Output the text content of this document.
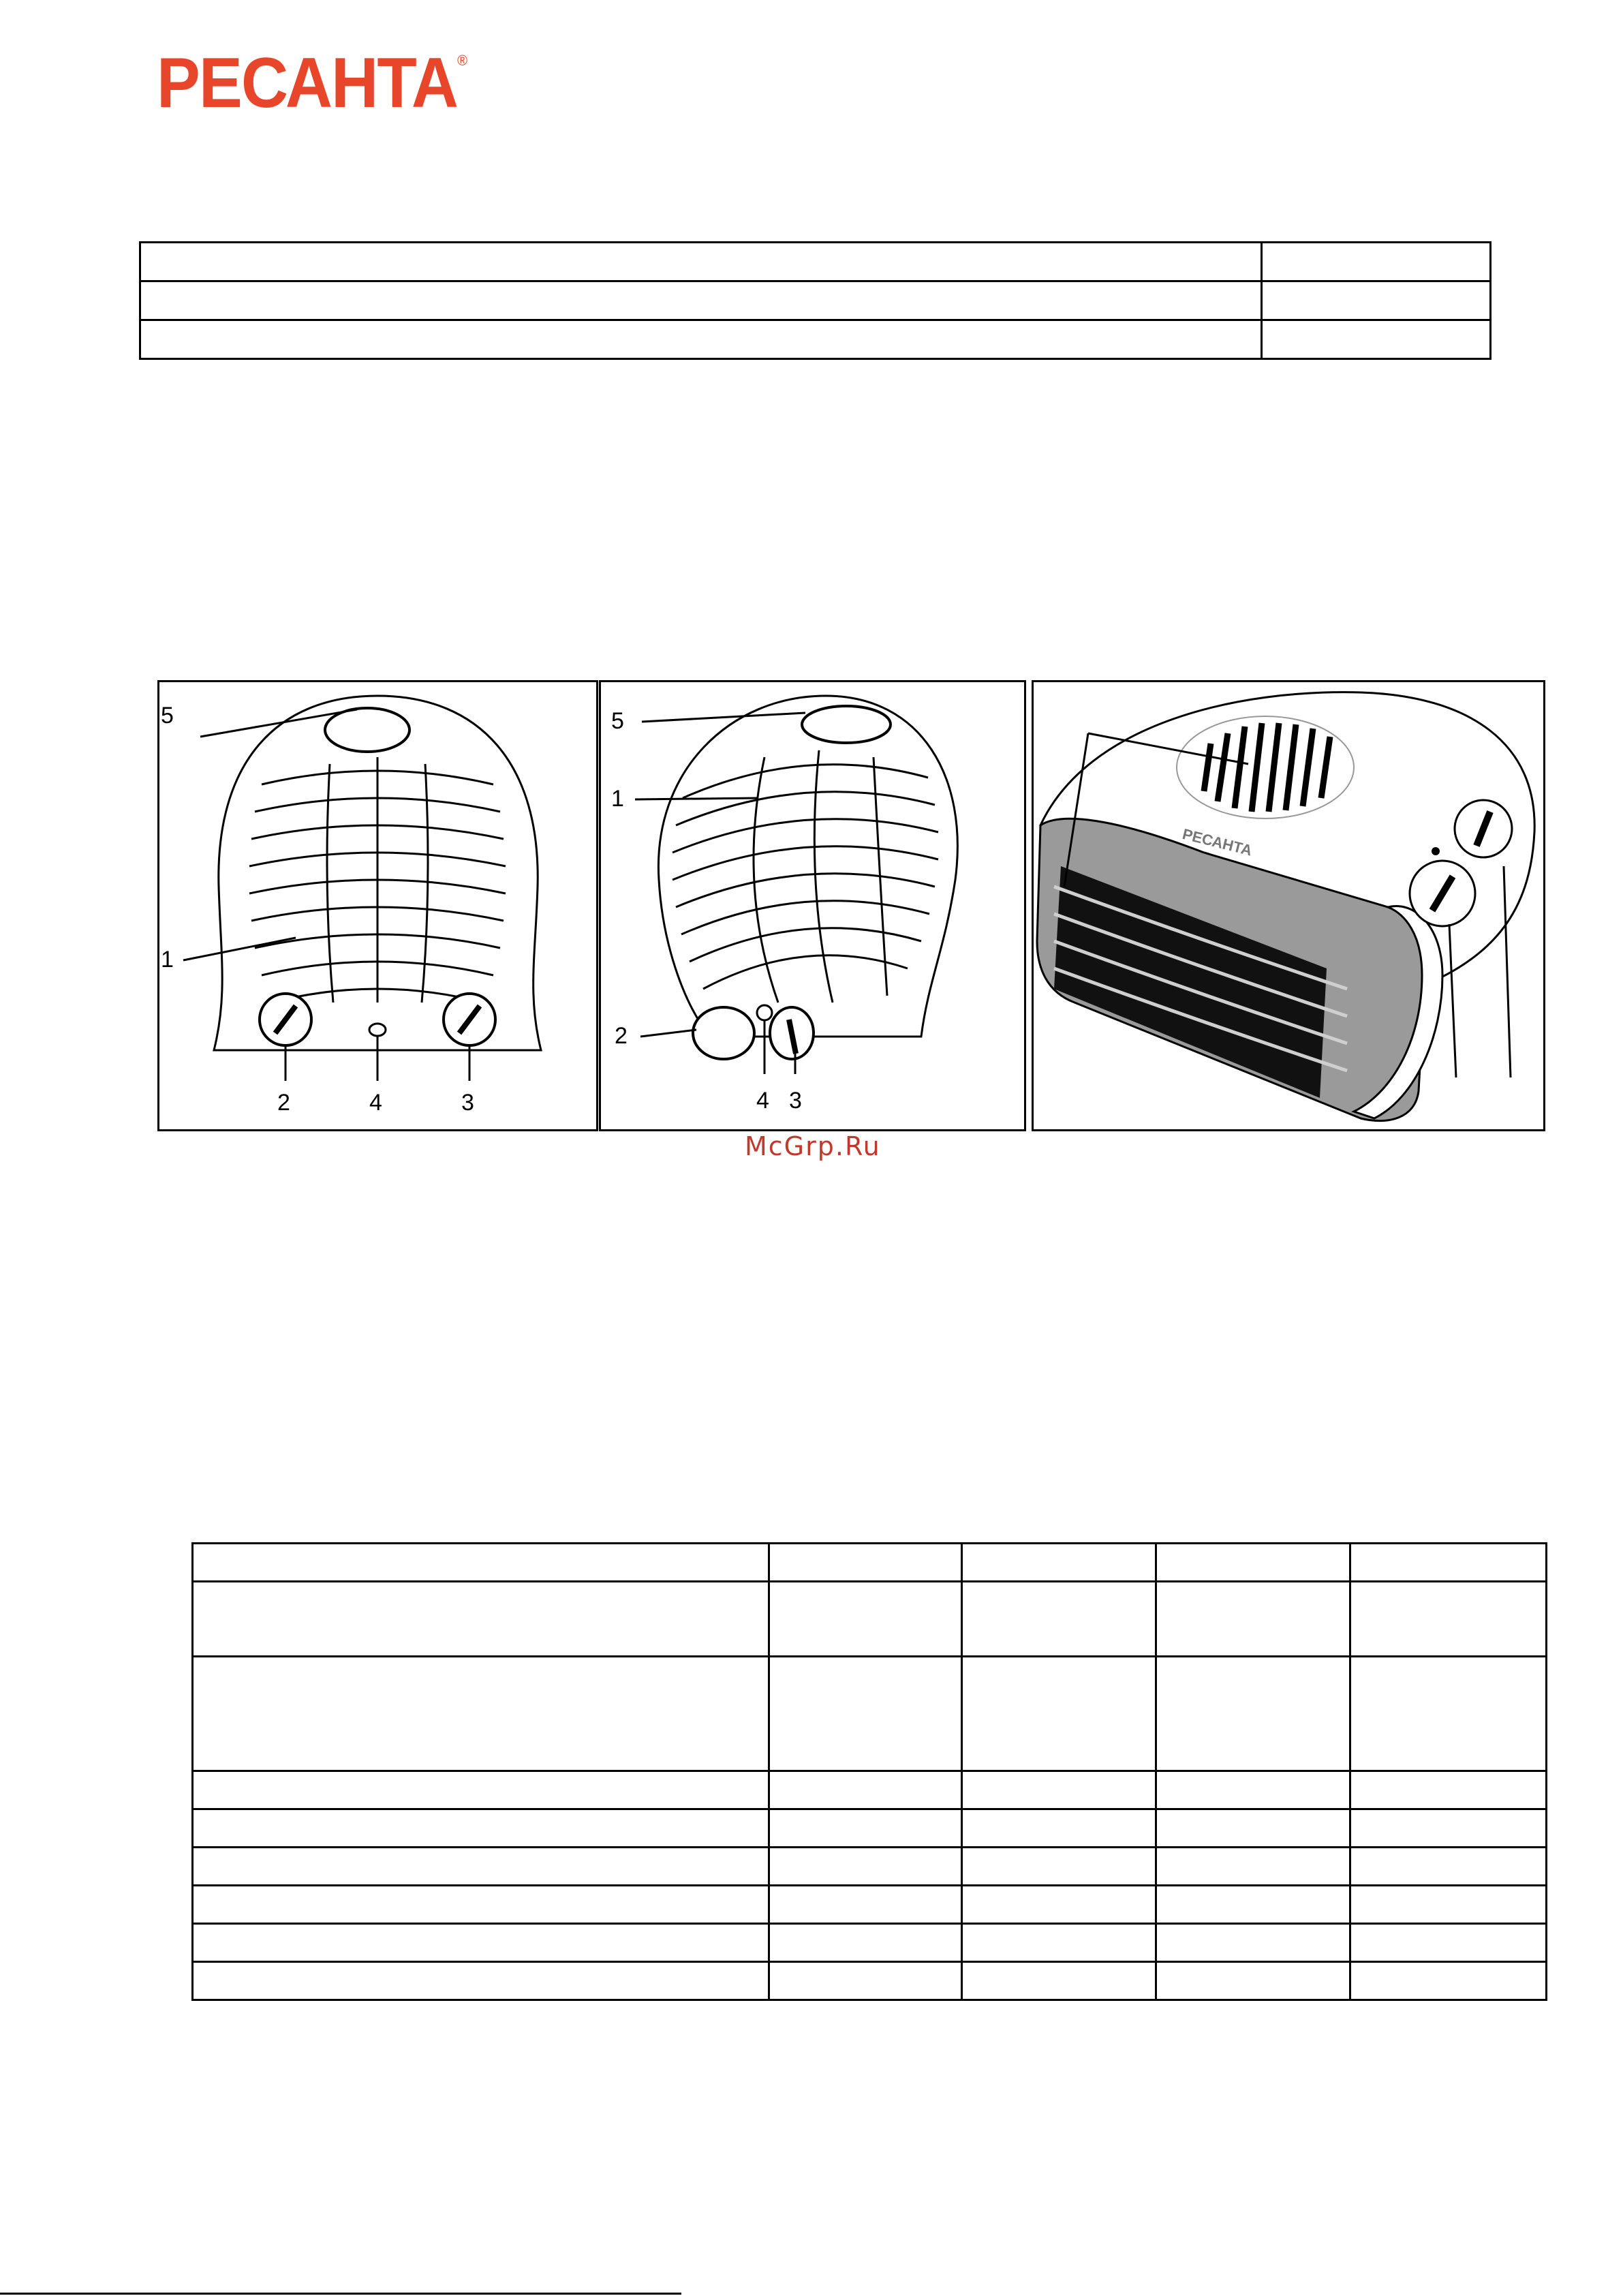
РЕСАНТА®

5
1
2	4	3
5
1
2
4 3
РЕСАНТА
McGrp.Ru
